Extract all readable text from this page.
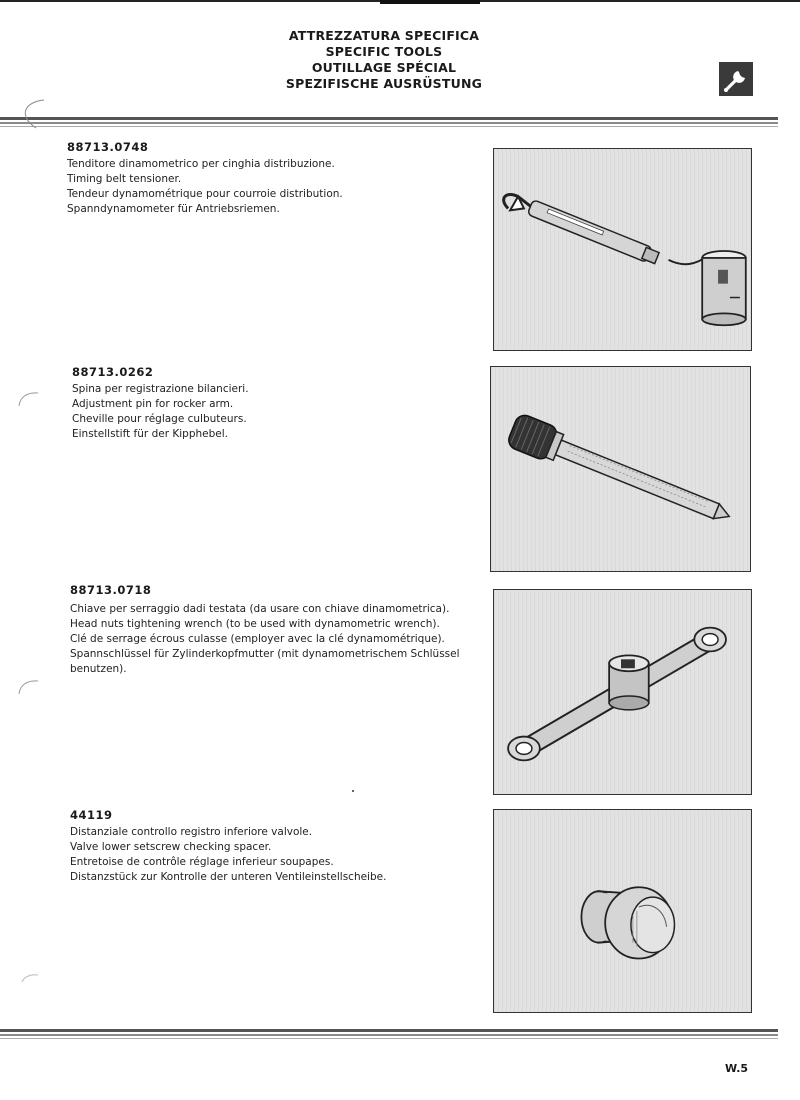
ATTREZZATURA SPECIFICA
SPECIFIC TOOLS
OUTILLAGE SPÉCIAL
SPEZIFISCHE AUSRÜSTUNG
88713.0748
Tenditore dinamometrico per cinghia distribuzione.
Timing belt tensioner.
Tendeur dynamométrique pour courroie distribution.
Spanndynamometer für Antriebsriemen.
88713.0262
Spina per registrazione bilancieri.
Adjustment pin for rocker arm.
Cheville pour réglage culbuteurs.
Einstellstift für der Kipphebel.
88713.0718
Chiave per serraggio dadi testata (da usare con chiave dinamometrica).
Head nuts tightening wrench (to be used with dynamometric wrench).
Clé de serrage écrous culasse (employer avec la clé dynamométrique).
Spannschlüssel für Zylinderkopfmutter (mit dynamometrischem Schlüssel benutzen).
44119
Distanziale controllo registro inferiore valvole.
Valve lower setscrew checking spacer.
Entretoise de contrôle réglage inferieur soupapes.
Distanzstück zur Kontrolle der unteren Ventileinstellscheibe.
W.5
